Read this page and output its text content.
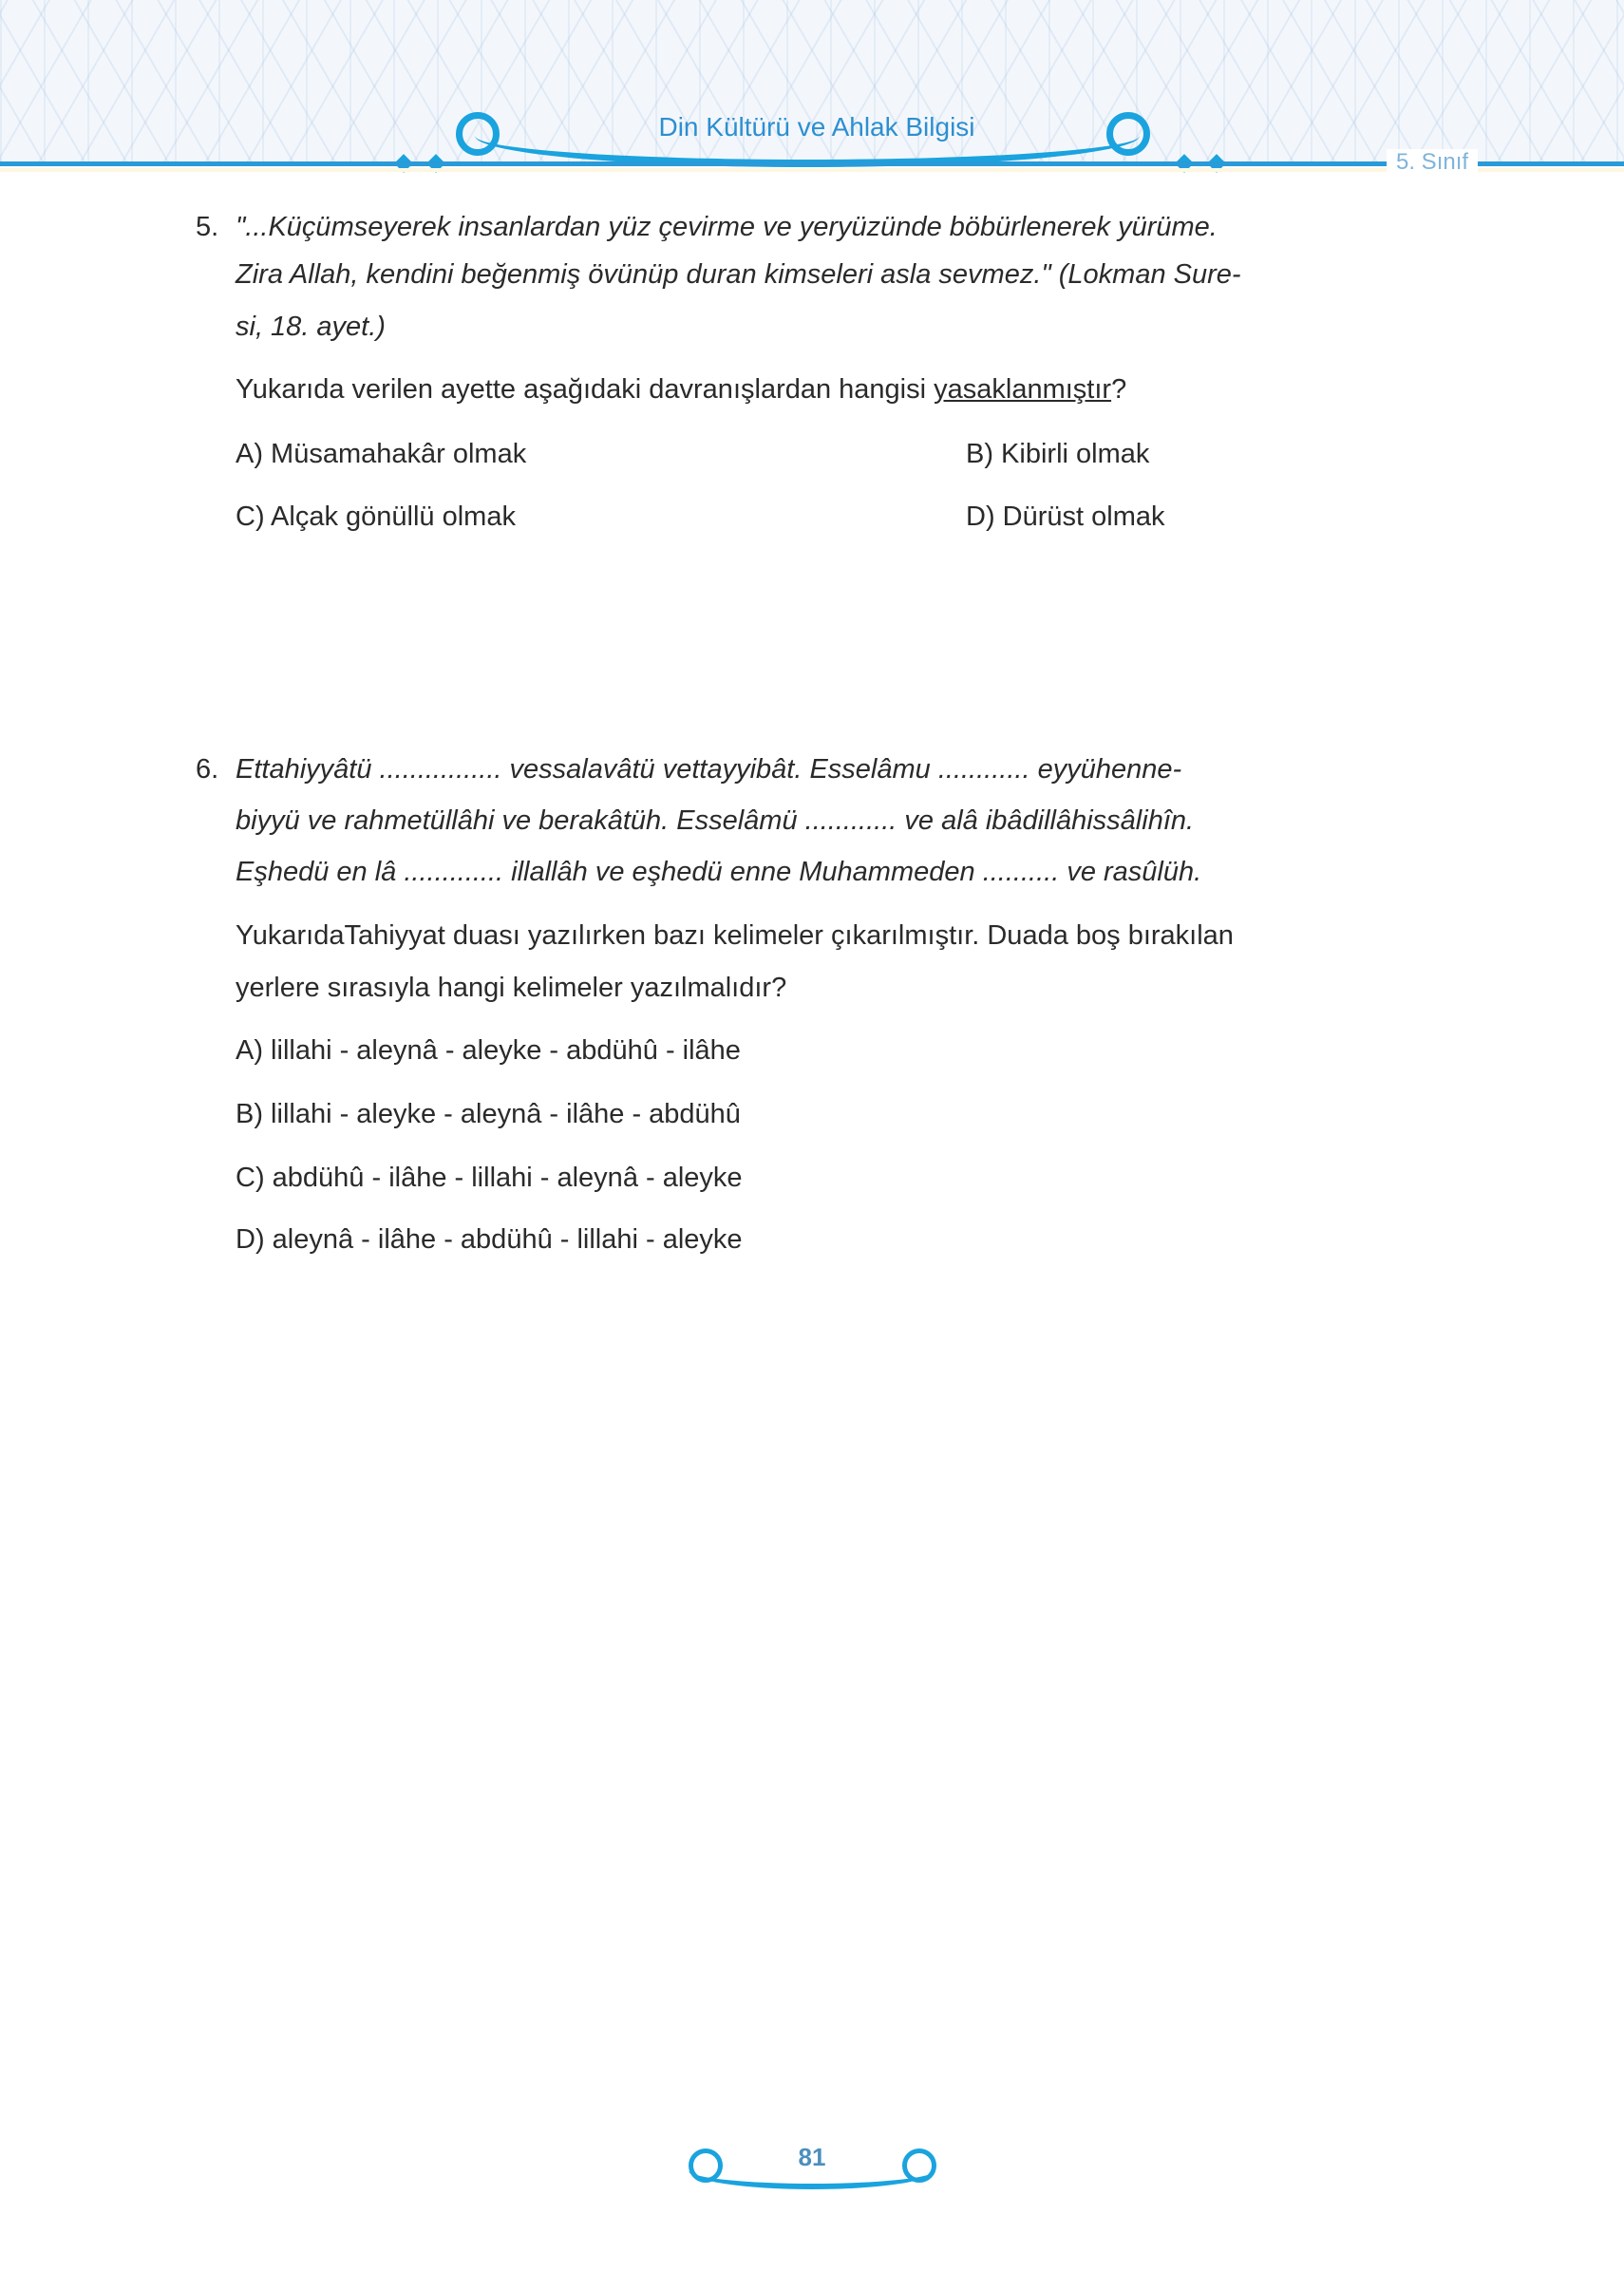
Din Kültürü ve Ahlak Bilgisi
5. Sınıf
5. "...Küçümseyerek insanlardan yüz çevirme ve yeryüzünde böbürlenerek yürüme.
Zira Allah, kendini beğenmiş övünüp duran kimseleri asla sevmez." (Lokman Sure-
si, 18. ayet.)
Yukarıda verilen ayette aşağıdaki davranışlardan hangisi yasaklanmıştır?
A) Müsamahakâr olmak	B) Kibirli olmak
C) Alçak gönüllü olmak	D) Dürüst olmak
6. Ettahiyyâtü ................ vessalavâtü vettayyibât. Esselâmu ............ eyyühenne-
biyyü ve rahmetüllâhi ve berakâtüh. Esselâmü ............ ve alâ ibâdillâhissâlihîn.
Eşhedü en lâ ............. illallâh ve eşhedü enne Muhammeden .......... ve rasûlüh.
YukarıdaTahiyyat duası yazılırken bazı kelimeler çıkarılmıştır. Duada boş bırakılan
yerlere sırasıyla hangi kelimeler yazılmalıdır?
A) lillahi - aleynâ - aleyke - abdühû - ilâhe
B) lillahi - aleyke - aleynâ - ilâhe - abdühû
C) abdühû - ilâhe - lillahi - aleynâ - aleyke
D) aleynâ - ilâhe - abdühû - lillahi - aleyke
81
